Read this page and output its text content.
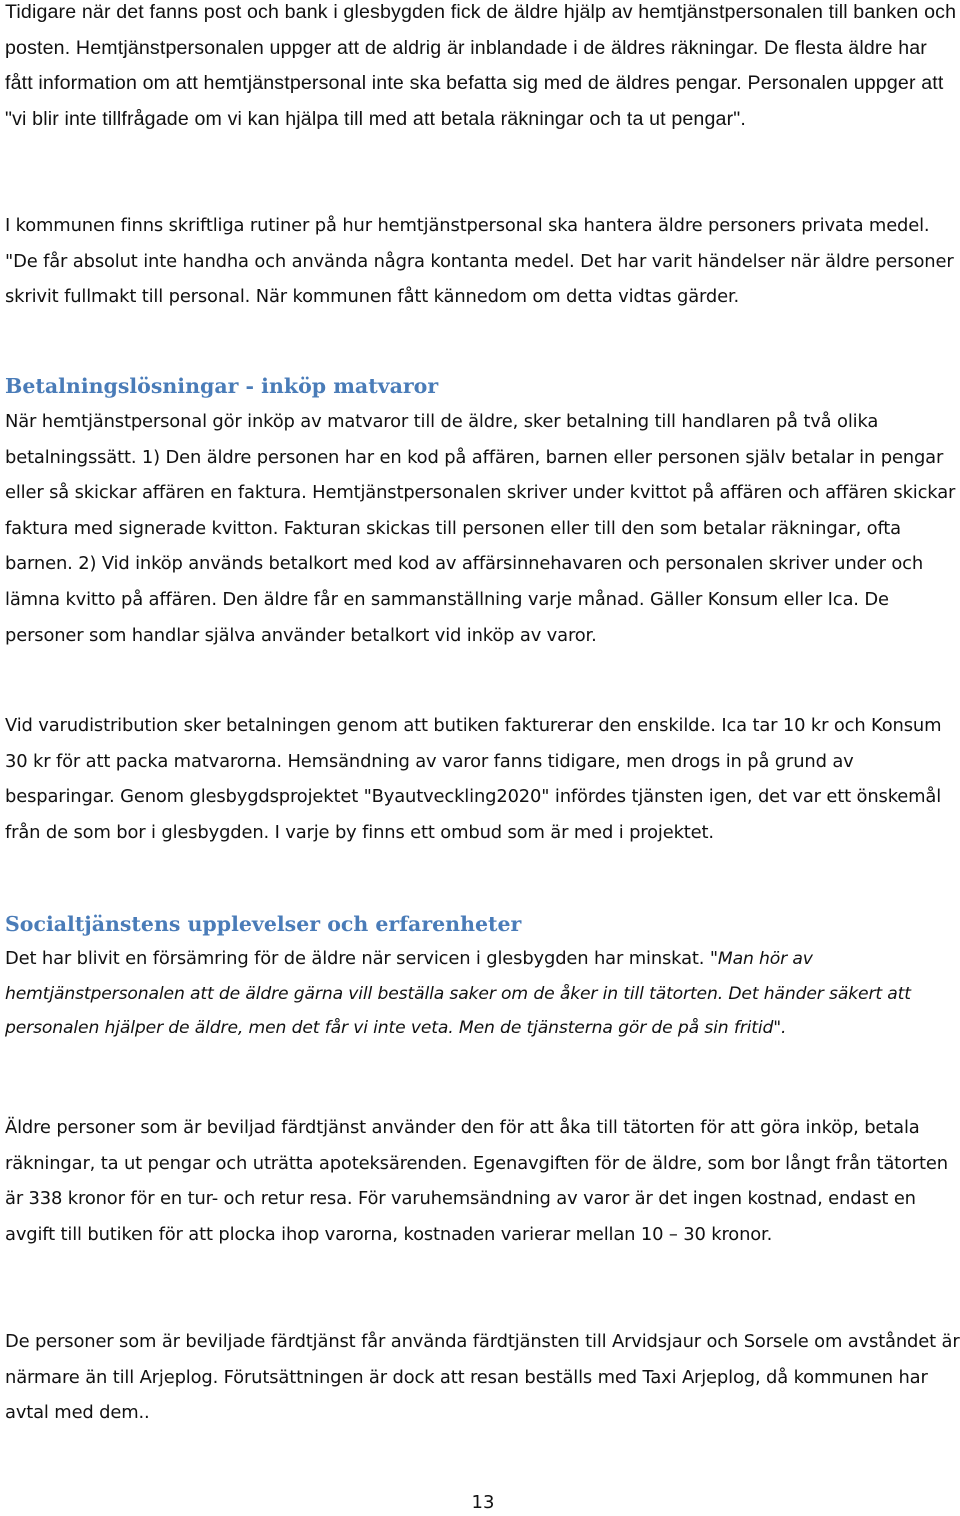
Tidigare när det fanns post och bank i glesbygden fick de äldre hjälp av hemtjänstpersonalen till banken och posten. Hemtjänstpersonalen uppger att de aldrig är inblandade i de äldres räkningar. De flesta äldre har fått information om att hemtjänstpersonal inte ska befatta sig med de äldres pengar. Personalen uppger att "vi blir inte tillfrågade om vi kan hjälpa till med att betala räkningar och ta ut pengar".

I kommunen finns skriftliga rutiner på hur hemtjänstpersonal ska hantera äldre personers privata medel. "De får absolut inte handha och använda några kontanta medel. Det har varit händelser när äldre personer skrivit fullmakt till personal. När kommunen fått kännedom om detta vidtas gärder.

Betalningslösningar - inköp matvaror

När hemtjänstpersonal gör inköp av matvaror till de äldre, sker betalning till handlaren på två olika betalningssätt. 1) Den äldre personen har en kod på affären, barnen eller personen själv betalar in pengar eller så skickar affären en faktura. Hemtjänstpersonalen skriver under kvittot på affären och affären skickar faktura med signerade kvitton. Fakturan skickas till personen eller till den som betalar räkningar, ofta barnen. 2) Vid inköp används betalkort med kod av affärsinnehavaren och personalen skriver under och lämna kvitto på affären. Den äldre får en sammanställning varje månad. Gäller Konsum eller Ica. De personer som handlar själva använder betalkort vid inköp av varor.

Vid varudistribution sker betalningen genom att butiken fakturerar den enskilde. Ica tar 10 kr och Konsum 30 kr för att packa matvarorna. Hemsändning av varor fanns tidigare, men drogs in på grund av besparingar. Genom glesbygdsprojektet "Byautveckling2020" infördes tjänsten igen, det var ett önskemål från de som bor i glesbygden. I varje by finns ett ombud som är med i projektet.

Socialtjänstens upplevelser och erfarenheter

Det har blivit en försämring för de äldre när servicen i glesbygden har minskat. "Man hör av hemtjänstpersonalen att de äldre gärna vill beställa saker om de åker in till tätorten. Det händer säkert att personalen hjälper de äldre, men det får vi inte veta. Men de tjänsterna gör de på sin fritid".

Äldre personer som är beviljad färdtjänst använder den för att åka till tätorten för att göra inköp, betala räkningar, ta ut pengar och uträtta apoteksärenden. Egenavgiften för de äldre, som bor långt från tätorten är 338 kronor för en tur- och retur resa. För varuhemsändning av varor är det ingen kostnad, endast en avgift till butiken för att plocka ihop varorna, kostnaden varierar mellan 10 – 30 kronor.

De personer som är beviljade färdtjänst får använda färdtjänsten till Arvidsjaur och Sorsele om avståndet är närmare än till Arjeplog. Förutsättningen är dock att resan beställs med Taxi Arjeplog, då kommunen har avtal med dem..

13
